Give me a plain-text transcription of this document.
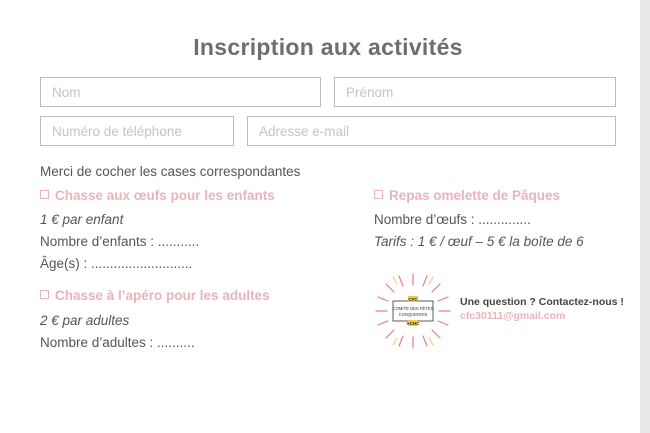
Inscription aux activités
Nom
Prénom
Numéro de téléphone
Adresse e-mail
Merci de cocher les cases correspondantes
Chasse aux œufs pour les enfants
1 € par enfant
Nombre d’enfants : ...........
Âge(s) : ...........................
Chasse à l’apéro pour les adultes
2 € par adultes
Nombre d’adultes : ..........
Repas omelette de Pâques
Nombre d’œufs : ..............
Tarifs : 1 € / œuf – 5 € la boîte de 6
CFC
COMITÉ DES FÊTES
CONQUEROIS
ACHC
Une question ? Contactez-nous !
cfc30111@gmail.com
